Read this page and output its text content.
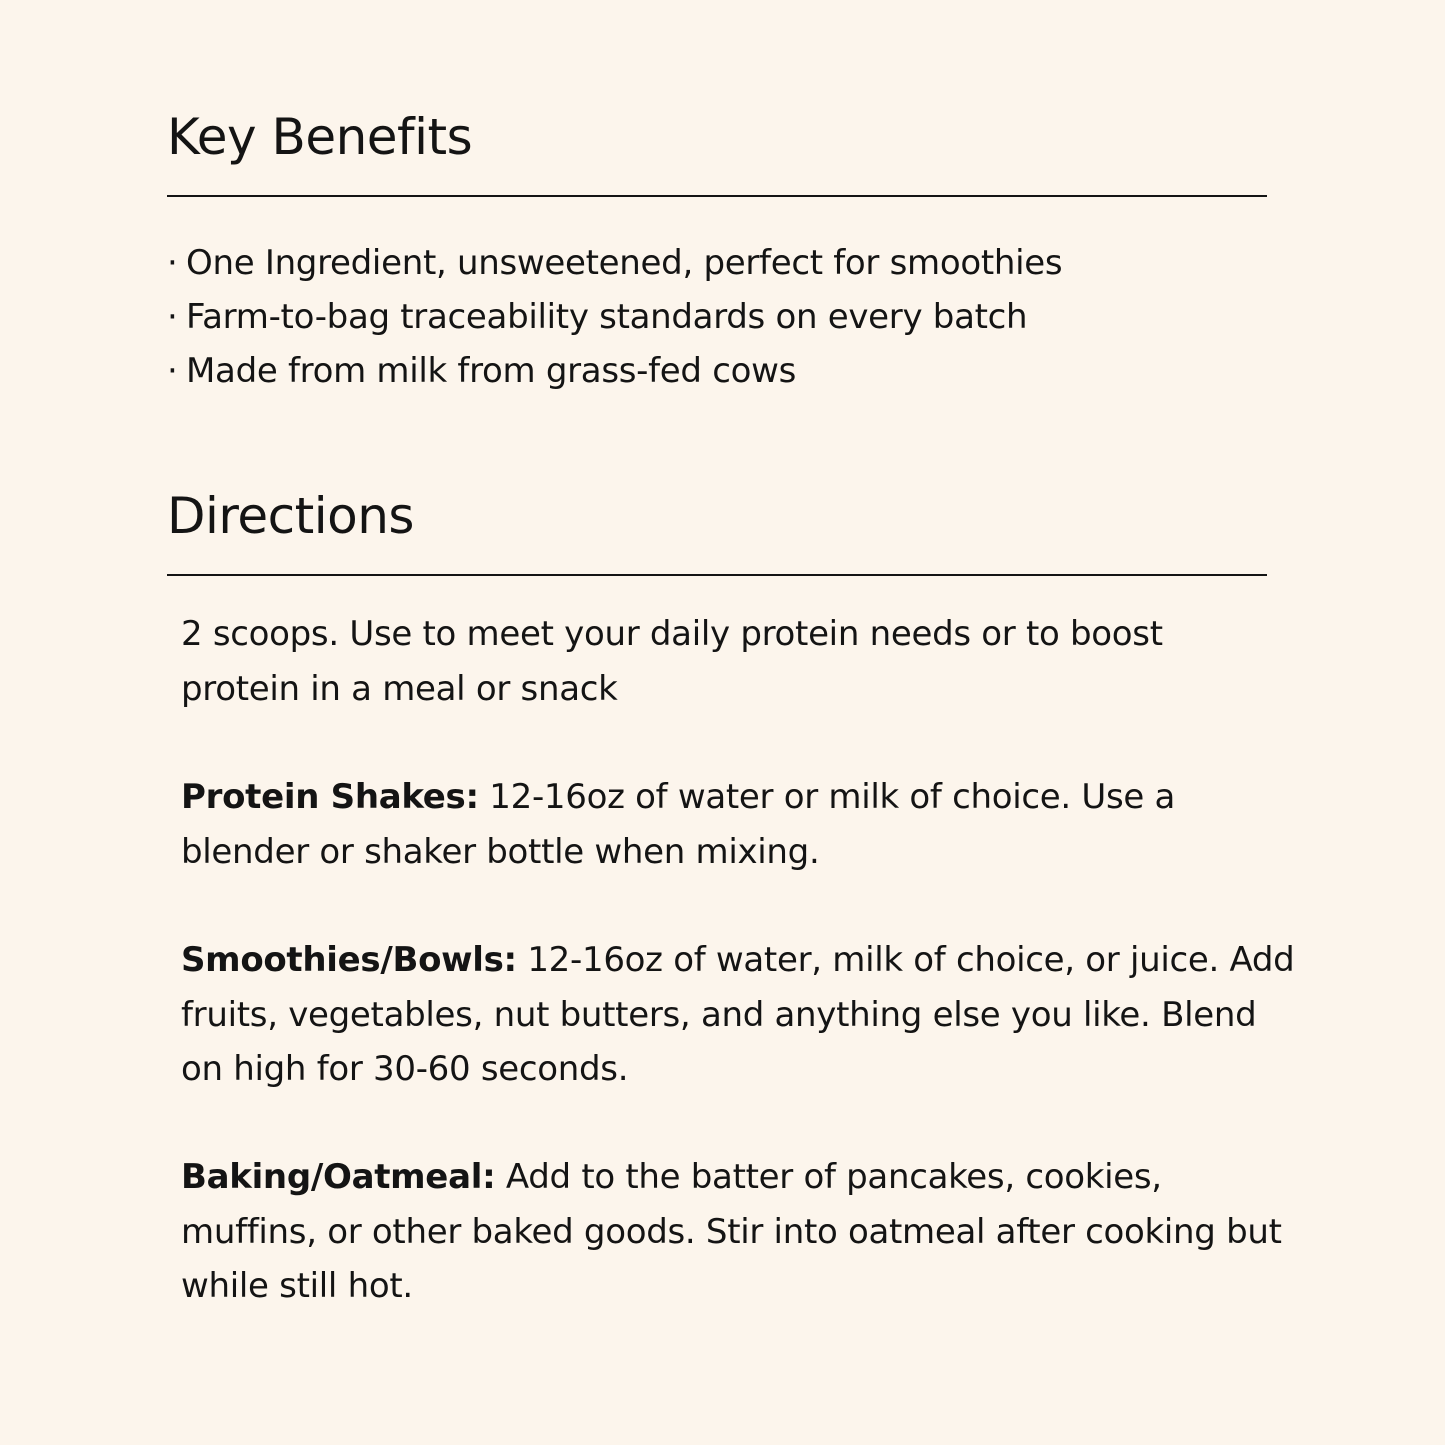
Key Benefits
· One Ingredient, unsweetened, perfect for smoothies
· Farm-to-bag traceability standards on every batch
· Made from milk from grass-fed cows
Directions

2 scoops. Use to meet your daily protein needs or to boost protein in a meal or snack

Protein Shakes: 12-16oz of water or milk of choice. Use a blender or shaker bottle when mixing.

Smoothies/Bowls: 12-16oz of water, milk of choice, or juice. Add fruits, vegetables, nut butters, and anything else you like. Blend on high for 30-60 seconds.

Baking/Oatmeal: Add to the batter of pancakes, cookies, muffins, or other baked goods. Stir into oatmeal after cooking but while still hot.
